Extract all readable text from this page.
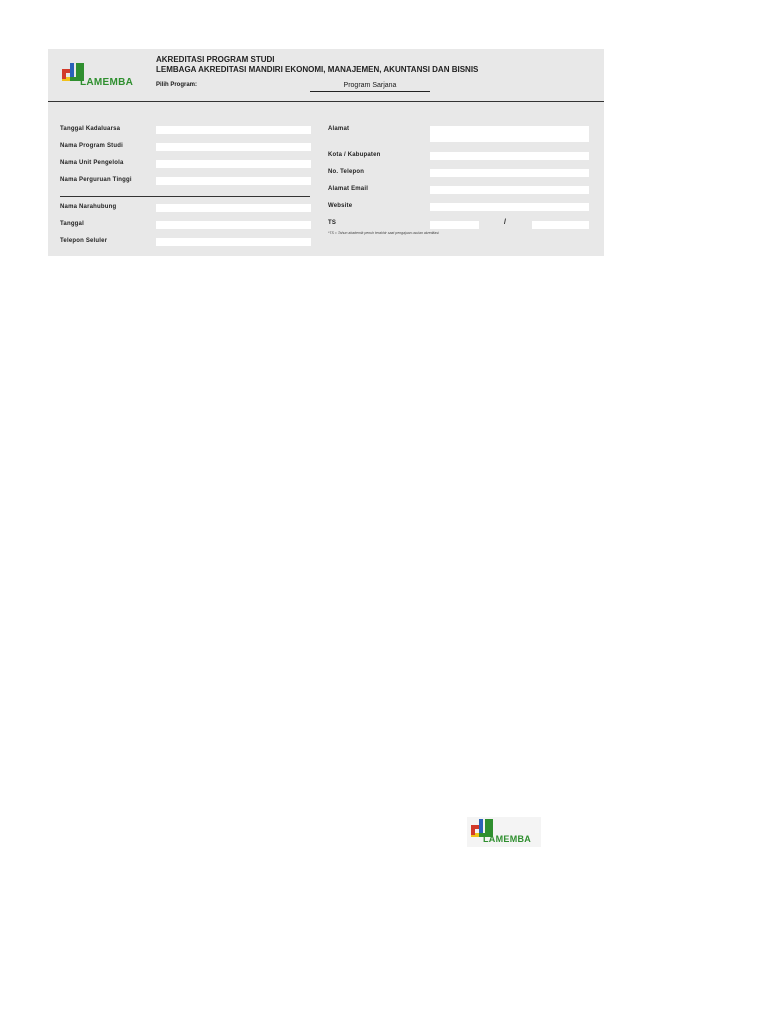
LAMEMBA
AKREDITASI PROGRAM STUDI
LEMBAGA AKREDITASI MANDIRI EKONOMI, MANAJEMEN, AKUNTANSI DAN BISNIS
Pilih Program:	Program Sarjana
Tanggal Kadaluarsa
Nama Program Studi
Nama Unit Pengelola
Nama Perguruan Tinggi
Nama Narahubung
Tanggal
Telepon Seluler
Alamat
Kota / Kabupaten
No. Telepon
Alamat Email
Website
TS	/
*TS = Tahun akademik penuh terakhir saat pengajuan usulan akreditasi
LAMEMBA
